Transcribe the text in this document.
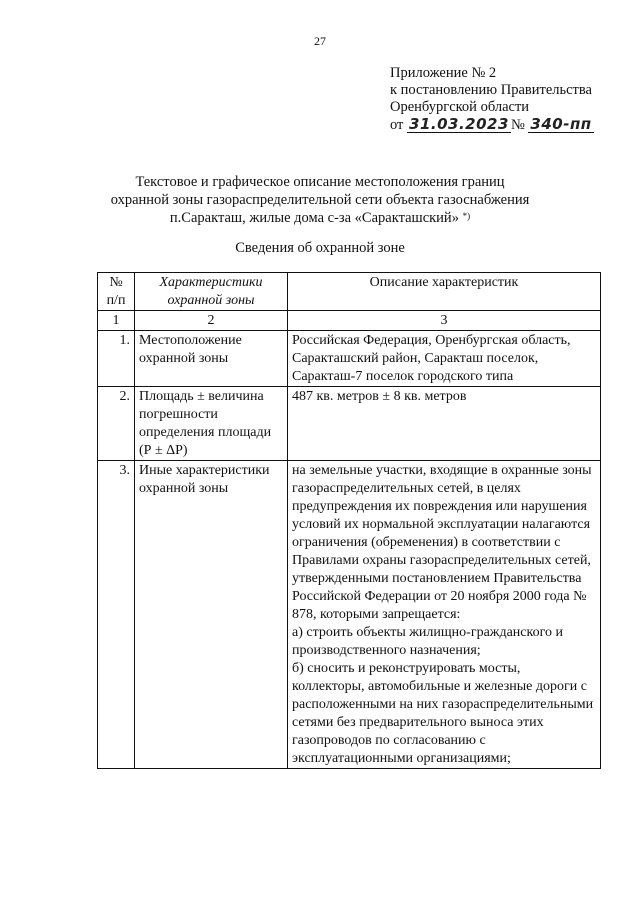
27
Приложение № 2
к постановлению Правительства
Оренбургской области
от 31.03.2023 № 340-пп
Текстовое и графическое описание местоположения границ
охранной зоны газораспределительной сети объекта газоснабжения
п.Саракташ, жилые дома с-за «Саракташский» *)
Сведения об охранной зоне
№ п/п	Характеристики охранной зоны	Описание характеристик
1	2	3
1.	Местоположение охранной зоны	Российская Федерация, Оренбургская область, Саракташский район, Саракташ поселок, Саракташ-7 поселок городского типа
2.	Площадь ± величина погрешности определения площади (Р ± ΔР)	487 кв. метров ± 8 кв. метров
3.	Иные характеристики охранной зоны	на земельные участки, входящие в охранные зоны газораспределительных сетей, в целях предупреждения их повреждения или нарушения условий их нормальной эксплуатации налагаются ограничения (обременения) в соответствии с Правилами охраны газораспределительных сетей, утвержденными постановлением Правительства Российской Федерации от 20 ноября 2000 года № 878, которыми запрещается:
а) строить объекты жилищно-гражданского и производственного назначения;
б) сносить и реконструировать мосты, коллекторы, автомобильные и железные дороги с расположенными на них газораспределительными сетями без предварительного выноса этих газопроводов по согласованию с эксплуатационными организациями;
